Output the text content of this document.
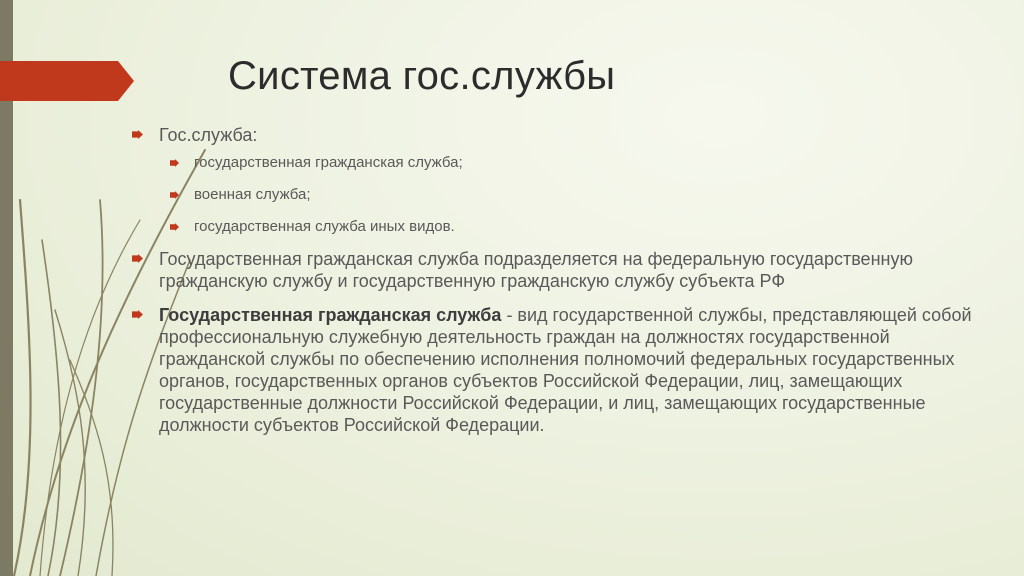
Система гос.службы
Гос.служба:
государственная гражданская служба;
военная служба;
государственная служба иных видов.
Государственная гражданская служба подразделяется на федеральную государственную гражданскую службу и государственную гражданскую службу субъекта РФ
Государственная гражданская служба - вид государственной службы, представляющей собой профессиональную служебную деятельность граждан на должностях государственной гражданской службы по обеспечению исполнения полномочий федеральных государственных органов, государственных органов субъектов Российской Федерации, лиц, замещающих государственные должности Российской Федерации, и лиц, замещающих государственные должности субъектов Российской Федерации.
